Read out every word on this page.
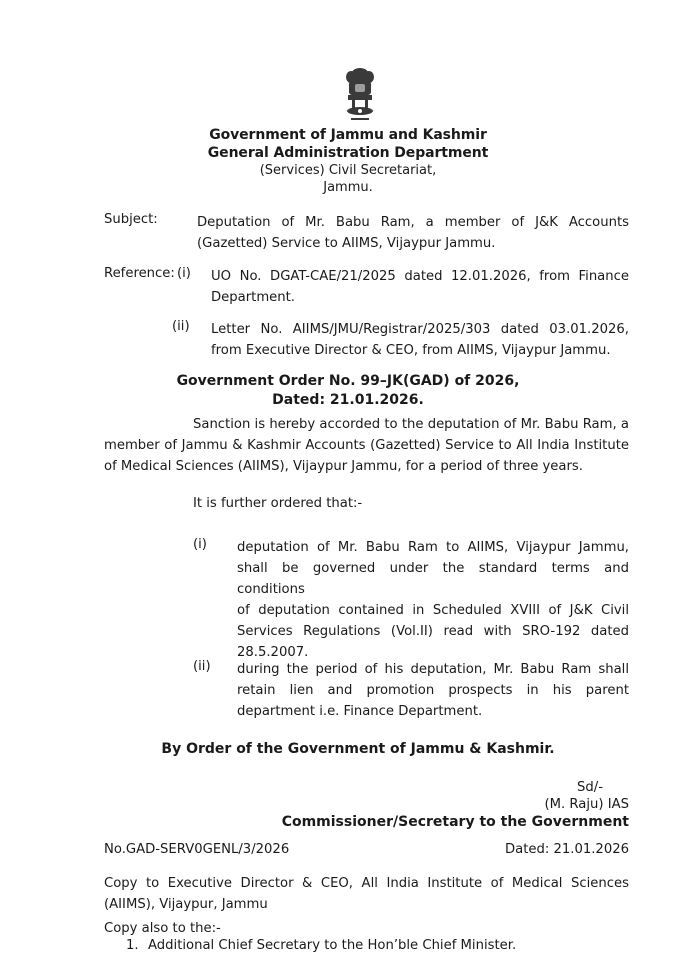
Government of Jammu and Kashmir
General Administration Department
(Services) Civil Secretariat,
Jammu.
Subject:	Deputation of Mr. Babu Ram, a member of J&K Accounts
(Gazetted) Service to AIIMS, Vijaypur Jammu.
Reference: (i) UO No. DGAT-CAE/21/2025 dated 12.01.2026, from Finance
Department.
(ii) Letter No. AIIMS/JMU/Registrar/2025/303 dated 03.01.2026,
from Executive Director & CEO, from AIIMS, Vijaypur Jammu.
Government Order No. 99–JK(GAD) of 2026,
Dated: 21.01.2026.
Sanction is hereby accorded to the deputation of Mr. Babu Ram, a
member of Jammu & Kashmir Accounts (Gazetted) Service to All India Institute
of Medical Sciences (AIIMS), Vijaypur Jammu, for a period of three years.
It is further ordered that:-
(i) deputation of Mr. Babu Ram to AIIMS, Vijaypur Jammu,
shall be governed under the standard terms and conditions
of deputation contained in Scheduled XVIII of J&K Civil
Services Regulations (Vol.II) read with SRO-192 dated
28.5.2007.
(ii) during the period of his deputation, Mr. Babu Ram shall
retain lien and promotion prospects in his parent
department i.e. Finance Department.
By Order of the Government of Jammu & Kashmir.
Sd/-
(M. Raju) IAS
Commissioner/Secretary to the Government
No.GAD-SERV0GENL/3/2026	Dated: 21.01.2026
Copy to Executive Director & CEO, All India Institute of Medical Sciences
(AIIMS), Vijaypur, Jammu
Copy also to the:-
1. Additional Chief Secretary to the Hon’ble Chief Minister.
